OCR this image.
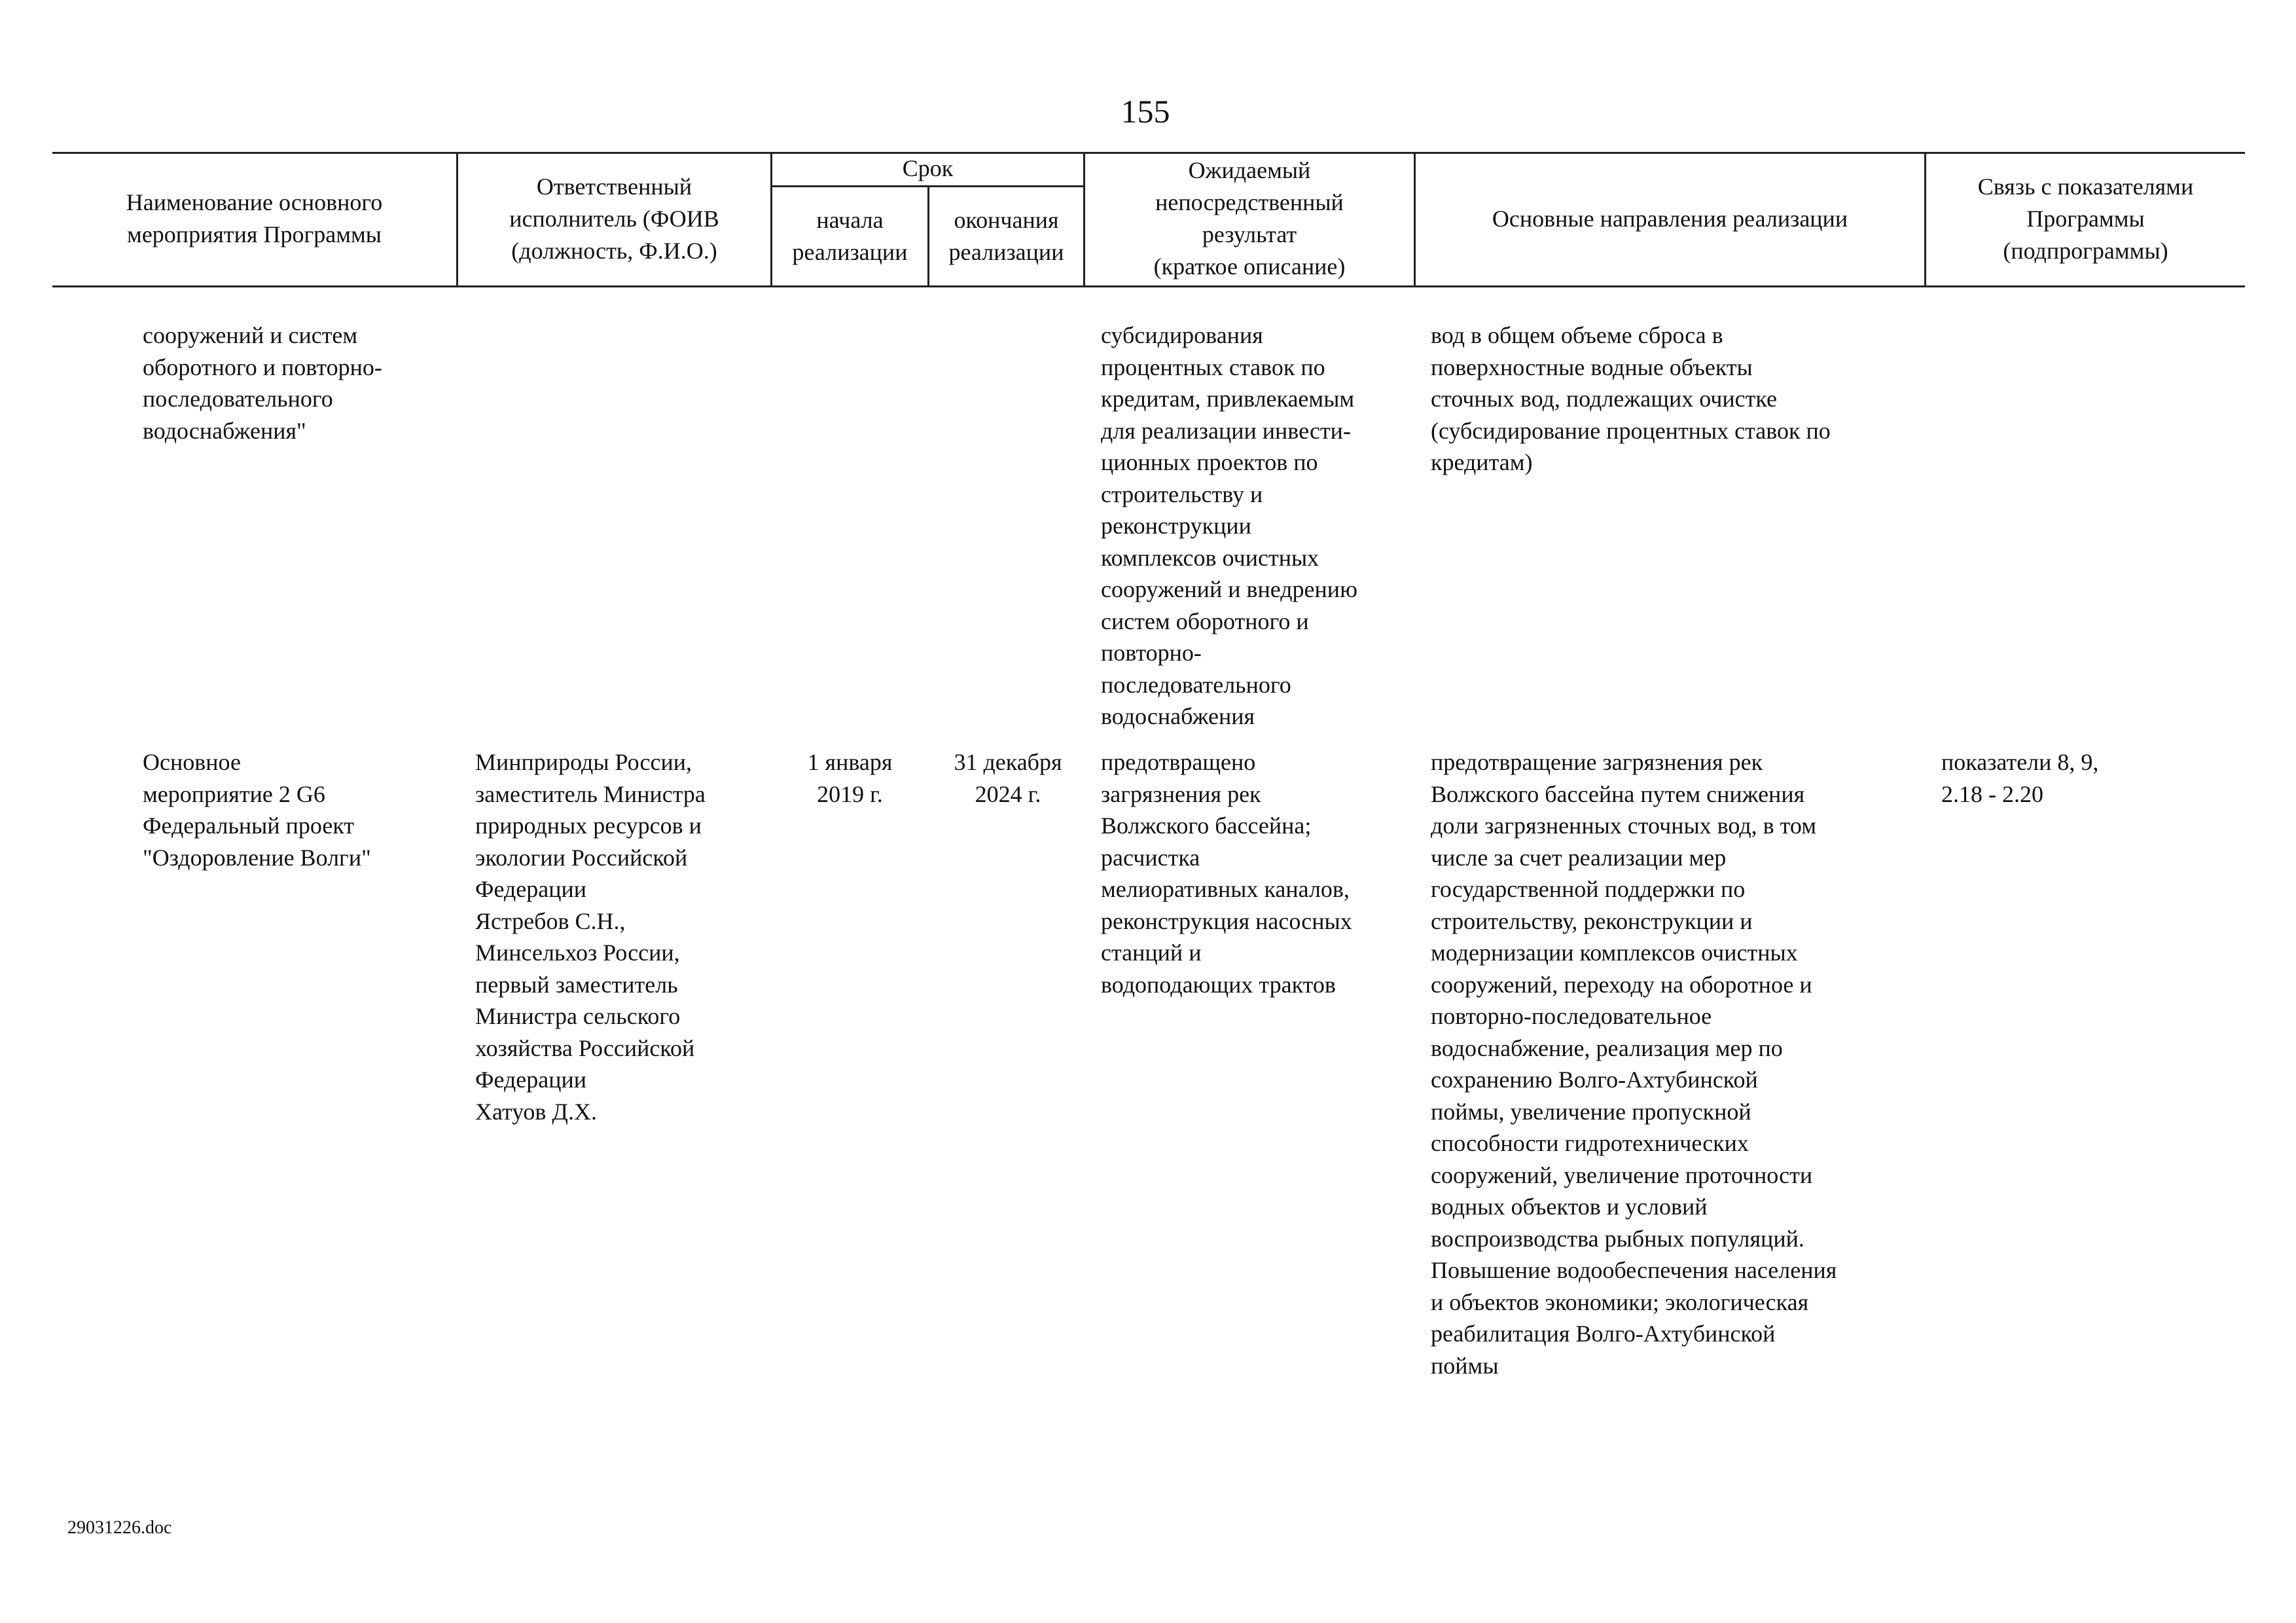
155
Наименование основного
мероприятия Программы
Ответственный
исполнитель (ФОИВ
(должность, Ф.И.О.)
Срок
начала
реализации
окончания
реализации
Ожидаемый
непосредственный
результат
(краткое описание)
Основные направления реализации
Связь с показателями
Программы
(подпрограммы)
сооружений и систем
оборотного и повторно-
последовательного
водоснабжения"
субсидирования
процентных ставок по
кредитам, привлекаемым
для реализации инвести-
ционных проектов по
строительству и
реконструкции
комплексов очистных
сооружений и внедрению
систем оборотного и
повторно-
последовательного
водоснабжения
вод в общем объеме сброса в
поверхностные водные объекты
сточных вод, подлежащих очистке
(субсидирование процентных ставок по
кредитам)
Основное
мероприятие 2 G6
Федеральный проект
"Оздоровление Волги"
Минприроды России,
заместитель Министра
природных ресурсов и
экологии Российской
Федерации
Ястребов С.Н.,
Минсельхоз России,
первый заместитель
Министра сельского
хозяйства Российской
Федерации
Хатуов Д.Х.
1 января
2019 г.
31 декабря
2024 г.
предотвращено
загрязнения рек
Волжского бассейна;
расчистка
мелиоративных каналов,
реконструкция насосных
станций и
водоподающих трактов
предотвращение загрязнения рек
Волжского бассейна путем снижения
доли загрязненных сточных вод, в том
числе за счет реализации мер
государственной поддержки по
строительству, реконструкции и
модернизации комплексов очистных
сооружений, переходу на оборотное и
повторно-последовательное
водоснабжение, реализация мер по
сохранению Волго-Ахтубинской
поймы, увеличение пропускной
способности гидротехнических
сооружений, увеличение проточности
водных объектов и условий
воспроизводства рыбных популяций.
Повышение водообеспечения населения
и объектов экономики; экологическая
реабилитация Волго-Ахтубинской
поймы
показатели 8, 9,
2.18 - 2.20
29031226.doc
